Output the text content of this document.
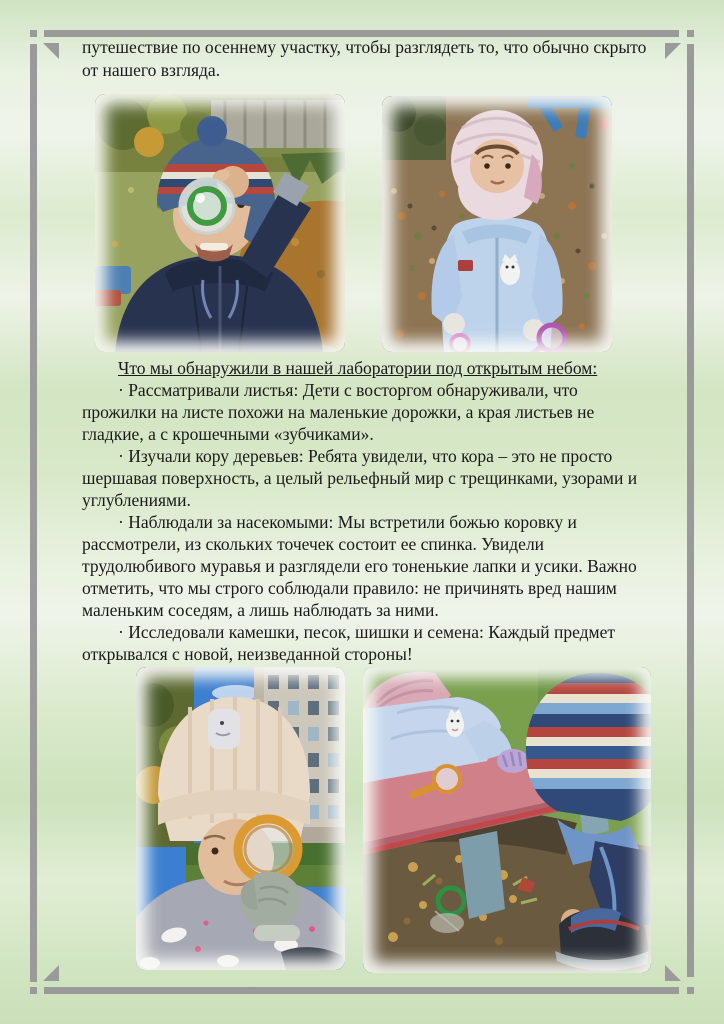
путешествие по осеннему участку, чтобы разглядеть то, что обычно скрыто от нашего взгляда.

Что мы обнаружили в нашей лаборатории под открытым небом:

· Рассматривали листья: Дети с восторгом обнаруживали, что прожилки на листе похожи на маленькие дорожки, а края листьев не гладкие, а с крошечными «зубчиками».

· Изучали кору деревьев: Ребята увидели, что кора – это не просто шершавая поверхность, а целый рельефный мир с трещинками, узорами и углублениями.

· Наблюдали за насекомыми: Мы встретили божью коровку и рассмотрели, из скольких точечек состоит ее спинка. Увидели трудолюбивого муравья и разглядели его тоненькие лапки и усики. Важно отметить, что мы строго соблюдали правило: не причинять вред нашим маленьким соседям, а лишь наблюдать за ними.

· Исследовали камешки, песок, шишки и семена: Каждый предмет открывался с новой, неизведанной стороны!
